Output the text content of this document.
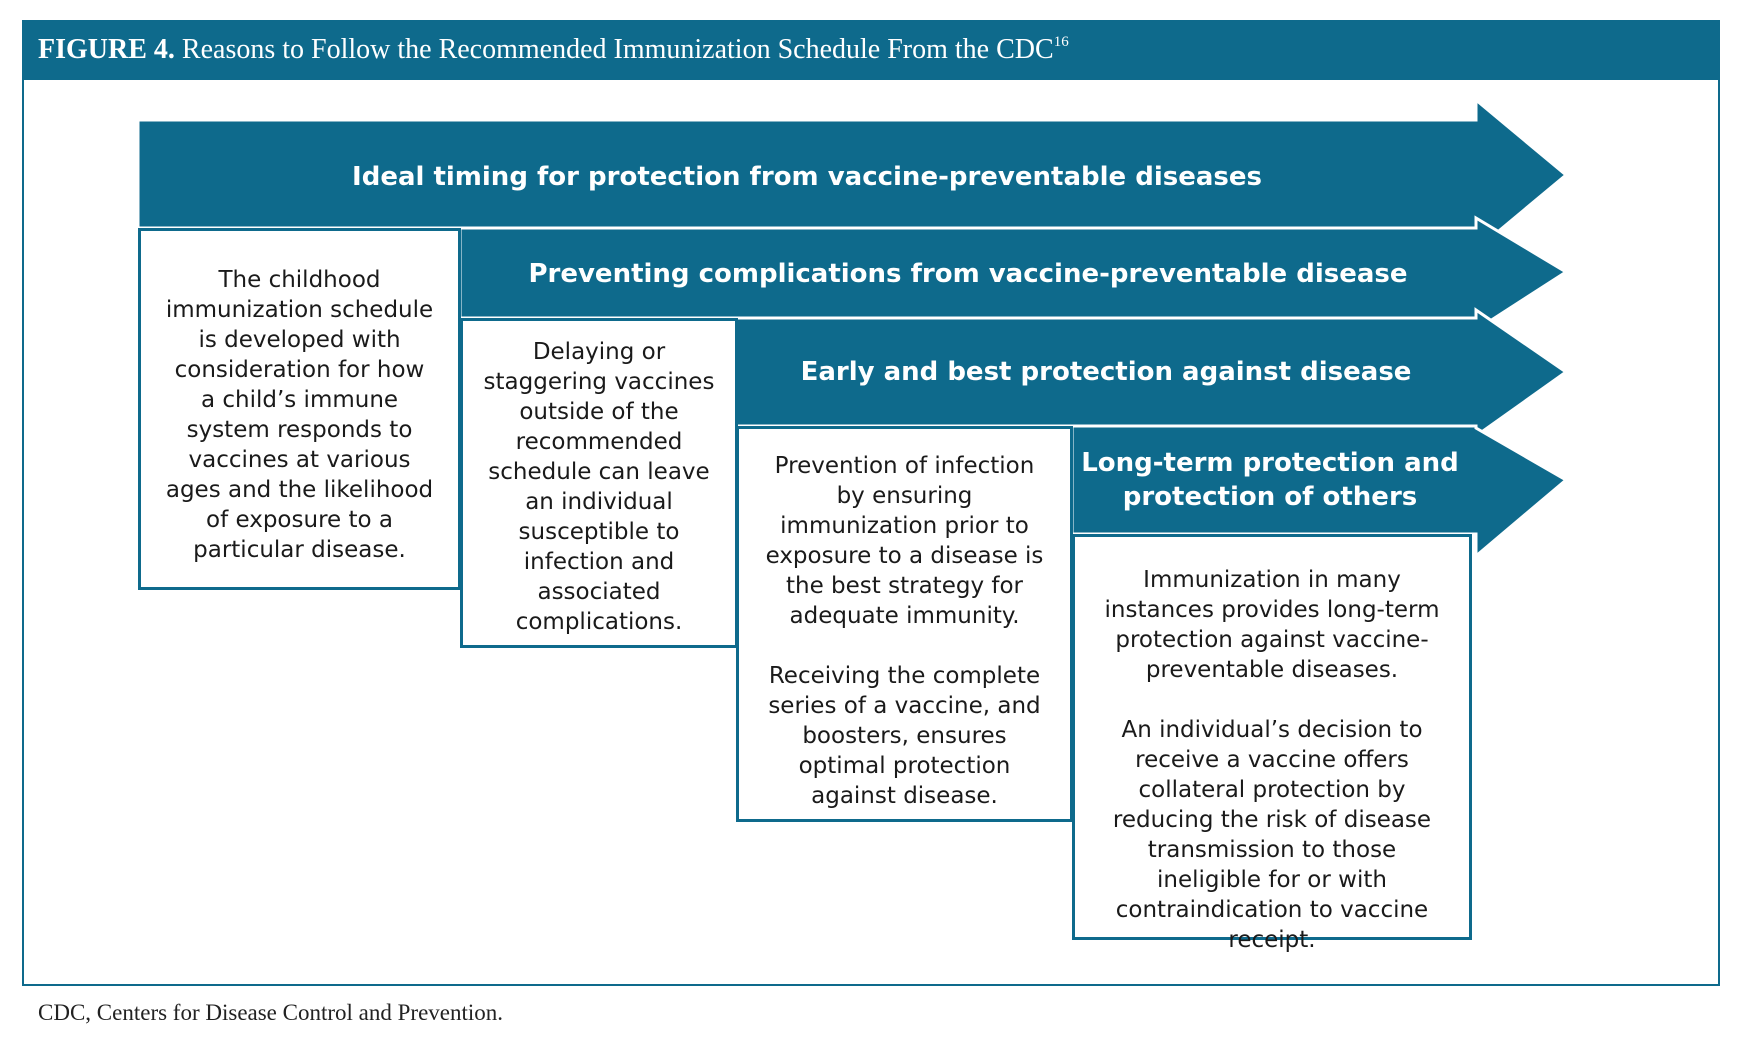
FIGURE 4. Reasons to Follow the Recommended Immunization Schedule From the CDC$^{16}$
Ideal timing for protection from vaccine-preventable diseases
Preventing complications from vaccine-preventable disease
Early and best protection against disease
Long-term protection and protection of others

The childhood immunization schedule is developed with consideration for how a child’s immune system responds to vaccines at various ages and the likelihood of exposure to a particular disease.

Delaying or staggering vaccines outside of the recommended schedule can leave an individual susceptible to infection and associated complications.

Prevention of infection by ensuring immunization prior to exposure to a disease is the best strategy for adequate immunity.

Receiving the complete series of a vaccine, and boosters, ensures optimal protection against disease.

Immunization in many instances provides long-term protection against vaccine-preventable diseases.

An individual’s decision to receive a vaccine offers collateral protection by reducing the risk of disease transmission to those ineligible for or with contraindication to vaccine receipt.

CDC, Centers for Disease Control and Prevention.
